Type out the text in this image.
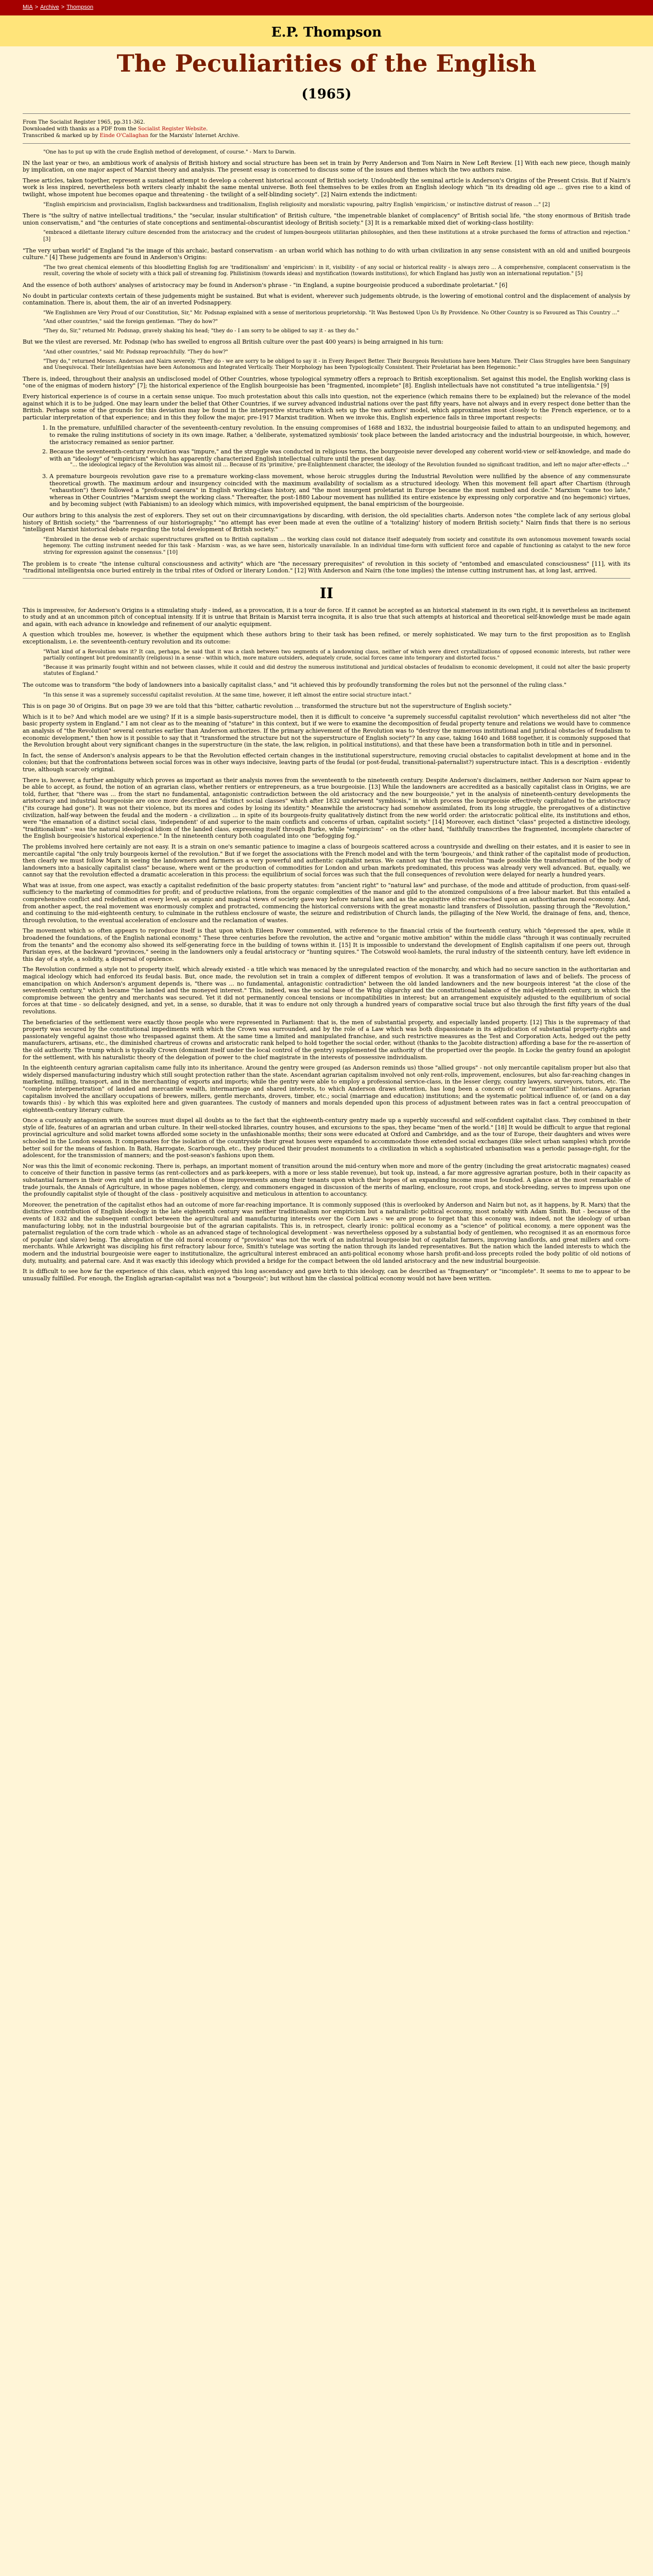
MIA > Archive > Thompson
E.P. Thompson
The Peculiarities of the English
(1965)
From The Socialist Register 1965, pp.311-362.
Downloaded with thanks as a PDF from the Socialist Register Website.
Transcribed & marked up by Einde O'Callaghan for the Marxists' Internet Archive.

"One has to put up with the crude English method of development, of course." - Marx to Darwin.

IN the last year or two, an ambitious work of analysis of British history and social structure has been set in train by Perry Anderson and Tom Nairn in New Left Review. [1] With each new piece, though mainly by implication, on one major aspect of Marxist theory and analysis. The present essay is concerned to discuss some of the issues and themes which the two authors raise.

These articles, taken together, represent a sustained attempt to develop a coherent historical account of British society. Undoubtedly the seminal article is Anderson's Origins of the Present Crisis. But if Nairn's work is less inspired, nevertheless both writers clearly inhabit the same mental universe. Both feel themselves to be exiles from an English ideology which "in its dreading old age ... gives rise to a kind of twilight, whose impotent hue becomes opaque and threatening - the twilight of a self-blinding society". [2] Nairn extends the indictment:

"English empiricism and provincialism, English backwardness and traditionalism, English religiosity and moralistic vapouring, paltry English 'empiricism,' or instinctive distrust of reason ..." [2]

There is "the sultry of native intellectual traditions," the "secular, insular stultification" of British culture, "the impenetrable blanket of complacency" of British social life, "the stony enormous of British trade union conservatism," and "the centuries of state conceptions and sentimental-obscurantist ideology of British society." [3] It is a remarkable mixed diet of working-class hostility:

"embraced a dilettante literary culture descended from the aristocracy and the crudest of lumpen-bourgeois utilitarian philosophies, and then these institutions at a stroke purchased the forms of attraction and rejection." [3]

"The very urban world" of England "is the image of this archaic, bastard conservatism - an urban world which has nothing to do with urban civilization in any sense consistent with an old and unified bourgeois culture." [4] These judgements are found in Anderson's Origins:

"The two great chemical elements of this bloodletting English fog are 'traditionalism' and 'empiricism': in it, visibility - of any social or historical reality - is always zero ... A comprehensive, complacent conservatism is the result, covering the whole of society with a thick pall of streaming fog. Philistinism (towards ideas) and mystification (towards institutions), for which England has justly won an international reputation." [5]

And the essence of both authors' analyses of aristocracy may be found in Anderson's phrase - "in England, a supine bourgeoisie produced a subordinate proletariat." [6]

No doubt in particular contexts certain of these judgements might be sustained. But what is evident, wherever such judgements obtrude, is the lowering of emotional control and the displacement of analysis by contamination. There is, about them, the air of an inverted Podsnappery.

"We Englishmen are Very Proud of our Constitution, Sir," Mr. Podsnap explained with a sense of meritorious proprietorship. "It Was Bestowed Upon Us By Providence. No Other Country is so Favoured as This Country ..."

"And other countries," said the foreign gentleman. "They do how?"

"They do, Sir," returned Mr. Podsnap, gravely shaking his head; "they do - I am sorry to be obliged to say it - as they do."

But we the vilest are reversed. Mr. Podsnap (who has swelled to engross all British culture over the past 400 years) is being arraigned in his turn:

"And other countries," said Mr. Podsnap reproachfully. "They do how?"

"They do," returned Messrs. Anderson and Nairn severely. "They do - we are sorry to be obliged to say it - in Every Respect Better. Their Bourgeois Revolutions have been Mature. Their Class Struggles have been Sanguinary and Unequivocal. Their Intelligentsias have been Autonomous and Integrated Vertically. Their Morphology has been Typologically Consistent. Their Proletariat has been Hegemonic."

There is, indeed, throughout their analysis an undisclosed model of Other Countries, whose typological symmetry offers a reproach to British exceptionalism. Set against this model, the English working class is "one of the enigmas of modern history" [7]; the historical experience of the English bourgeoisie has been "fragmented, incomplete" [8]. English intellectuals have not constituted "a true intelligentsia." [9]

Every historical experience is of course in a certain sense unique. Too much protestation about this calls into question, not the experience (which remains there to be explained) but the relevance of the model against which it is to be judged. One may learn under the belief that Other Countries, if we survey advanced industrial nations over the past fifty years, have not always and in every respect done better than the British. Perhaps some of the grounds for this deviation may be found in the interpretive structure which sets up the two authors' model, which approximates most closely to the French experience, or to a particular interpretation of that experience; and in this they follow the major, pre-1917 Marxist tradition. When we invoke this, English experience fails in three important respects:

1. In the premature, unfulfilled character of the seventeenth-century revolution. In the ensuing compromises of 1688 and 1832, the industrial bourgeoisie failed to attain to an undisputed hegemony, and to remake the ruling institutions of society in its own image. Rather, a 'deliberate, systematized symbiosis' took place between the landed aristocracy and the industrial bourgeoisie, in which, however, the aristocracy remained as senior partner.
2. Because the seventeenth-century revolution was "impure," and the struggle was conducted in religious terms, the bourgeoisie never developed any coherent world-view or self-knowledge, and made do with an "ideology" of "empiricism" which has apparently characterized English intellectual culture until the present day.

"... the ideological legacy of the Revolution was almost nil ... Because of its 'primitive,' pre-Enlightenment character, the ideology of the Revolution founded no significant tradition, and left no major after-effects ..."

3. A premature bourgeois revolution gave rise to a premature working-class movement, whose heroic struggles during the Industrial Revolution were nullified by the absence of any commensurate theoretical growth. The maximum ardour and insurgency coincided with the maximum availability of socialism as a structured ideology. When this movement fell apart after Chartism (through "exhaustion") there followed a "profound caesura" in English working-class history, and "the most insurgent proletariat in Europe became the most numbed and docile." Marxism "came too late," whereas in Other Countries "Marxism swept the working class." Thereafter, the post-1880 Labour movement has nullified its entire existence by expressing only corporative and (no hegemonic) virtues, and by becoming subject (with Fabianism) to an ideology which mimics, with impoverished equipment, the banal empiricism of the bourgeoisie.

Our authors bring to this analysis the zest of explorers. They set out on their circumnavigations by discarding, with derision, the old specialities charts. Anderson notes "the complete lack of any serious global history of British society," the "barrenness of our historiography," "no attempt has ever been made at even the outline of a 'totalizing' history of modern British society." Nairn finds that there is no serious "intelligent Marxist historical debate regarding the total development of British society."

"Embroiled in the dense web of archaic superstructures grafted on to British capitalism ... the working class could not distance itself adequately from society and constitute its own autonomous movement towards social hegemony. The cutting instrument needed for this task - Marxism - was, as we have seen, historically unavailable. In an individual time-form with sufficient force and capable of functioning as catalyst to the new force striving for expression against the consensus." [10]

The problem is to create "the intense cultural consciousness and activity" which are "the necessary prerequisites" of revolution in this society of "entombed and emasculated consciousness" [11], with its "traditional intelligentsia once buried entirely in the tribal rites of Oxford or literary London." [12] With Anderson and Nairn (the tone implies) the intense cutting instrument has, at long last, arrived.

II

This is impressive, for Anderson's Origins is a stimulating study - indeed, as a provocation, it is a tour de force. If it cannot be accepted as an historical statement in its own right, it is nevertheless an incitement to study and at an uncommon pitch of conceptual intensity. If it is untrue that Britain is Marxist terra incognita, it is also true that such attempts at historical and theoretical self-knowledge must be made again and again, with each advance in knowledge and refinement of our analytic equipment.

A question which troubles me, however, is whether the equipment which these authors bring to their task has been refined, or merely sophisticated. We may turn to the first proposition as to English exceptionalism, i.e. the seventeenth-century revolution and its outcome:

"What kind of a Revolution was it? It can, perhaps, be said that it was a clash between two segments of a landowning class, neither of which were direct crystallizations of opposed economic interests, but rather were partially contingent but predominantly (religious) in a sense - within which, more mature outsiders, adequately crude, social forces came into temporary and distorted focus."

"Because it was primarily fought within and not between classes, while it could and did destroy the numerous institutional and juridical obstacles of feudalism to economic development, it could not alter the basic property statutes of England."

The outcome was to transform "the body of landowners into a basically capitalist class," and "it achieved this by profoundly transforming the roles but not the personnel of the ruling class."

"In this sense it was a supremely successful capitalist revolution. At the same time, however, it left almost the entire social structure intact."

This is on page 30 of Origins. But on page 39 we are told that this "bitter, cathartic revolution ... transformed the structure but not the superstructure of English society."

Which is it to be? And which model are we using? If it is a simple basis-superstructure model, then it is difficult to conceive "a supremely successful capitalist revolution" which nevertheless did not alter "the basic property system in England." I am not clear as to the meaning of "stature" in this context, but if we were to examine the decomposition of feudal property tenure and relations we would have to commence an analysis of "the Revolution" several centuries earlier than Anderson authorizes. If the primary achievement of the Revolution was to "destroy the numerous institutional and juridical obstacles of feudalism to economic development," then how is it possible to say that it "transformed the structure but not the superstructure of English society"? In any case, taking 1640 and 1688 together, it is commonly supposed that the Revolution brought about very significant changes in the superstructure (in the state, the law, religion, in political institutions), and that these have been a transformation both in title and in personnel.

In fact, the sense of Anderson's analysis appears to be that the Revolution effected certain changes in the institutional superstructure, removing crucial obstacles to capitalist development at home and in the colonies; but that the confrontations between social forces was in other ways indecisive, leaving parts of the feudal (or post-feudal, transitional-paternalist?) superstructure intact. This is a description - evidently true, although scarcely original.

There is, however, a further ambiguity which proves as important as their analysis moves from the seventeenth to the nineteenth century. Despite Anderson's disclaimers, neither Anderson nor Nairn appear to be able to accept, as found, the notion of an agrarian class, whether rentiers or entrepreneurs, as a true bourgeoisie. [13] While the landowners are accredited as a basically capitalist class in Origins, we are told, further, that "there was ... from the start no fundamental, antagonistic contradiction between the old aristocracy and the new bourgeoisie," yet in the analysis of nineteenth-century developments the aristocracy and industrial bourgeoisie are once more described as "distinct social classes" which after 1832 underwent "symbiosis," in which process the bourgeoisie effectively capitulated to the aristocracy ("its courage had gone"). It was not their violence, but its mores and codes by losing its identity." Meanwhile the aristocracy had somehow assimilated, from its long struggle, the prerogatives of a distinctive civilization, half-way between the feudal and the modern - a civilization ... in spite of its bourgeois-fruity qualitatively distinct from the new world order: the aristocratic political elite, its institutions and ethos, were "the emanation of a distinct social class, 'independent' of and superior to the main conflicts and concerns of urban, capitalist society." [14] Moreover, each distinct "class" projected a distinctive ideology, "traditionalism" - was the natural ideological idiom of the landed class, expressing itself through Burke, while "empiricism" - on the other hand, "faithfully transcribes the fragmented, incomplete character of the English bourgeoisie's historical experience." In the nineteenth century both coagulated into one "befogging fog."

The problems involved here certainly are not easy. It is a strain on one's semantic patience to imagine a class of bourgeois scattered across a countryside and dwelling on their estates, and it is easier to see in mercantile capital "the only truly bourgeois kernel of the revolution." But if we forget the associations with the French model and with the term 'bourgeois,' and think rather of the capitalist mode of production, then clearly we must follow Marx in seeing the landowners and farmers as a very powerful and authentic capitalist nexus. We cannot say that the revolution "made possible the transformation of the body of landowners into a basically capitalist class" because, where went or the production of commodities for London and urban markets predominated, this process was already very well advanced. But, equally, we cannot say that the revolution effected a dramatic acceleration in this process: the equilibrium of social forces was such that the full consequences of revolution were delayed for nearly a hundred years.

What was at issue, from one aspect, was exactly a capitalist redefinition of the basic property statutes: from "ancient right" to "natural law" and purchase, of the mode and attitude of production, from quasi-self-sufficiency to the marketing of commodities for profit; and of productive relations, from the organic complexities of the manor and gild to the atomized compulsions of a free labour market. But this entailed a comprehensive conflict and redefinition at every level, as organic and magical views of society gave way before natural law, and as the acquisitive ethic encroached upon an authoritarian moral economy. And, from another aspect, the real movement was enormously complex and protracted, commencing the historical conversions with the great monastic land transfers of Dissolution, passing through the "Revolution," and continuing to the mid-eighteenth century, to culminate in the ruthless enclosure of waste, the seizure and redistribution of Church lands, the pillaging of the New World, the drainage of fens, and, thence, through revolution, to the eventual acceleration of enclosure and the reclamation of wastes.

The movement which so often appears to reproduce itself is that upon which Eileen Power commented, with reference to the financial crisis of the fourteenth century, which "depressed the apex, while it broadened the foundations, of the English national economy." These three centuries before the revolution, the active and "organic motive ambition" within the middle class "through it was continually recruited from the tenants" and the economy also showed its self-generating force in the building of towns within it. [15] It is impossible to understand the development of English capitalism if one peers out, through Parisian eyes, at the backward "provinces," seeing in the landowners only a feudal aristocracy or "hunting squires." The Cotswold wool-hamlets, the rural industry of the sixteenth century, have left evidence in this day of a style, a solidity, a dispersal of opulence.

The Revolution confirmed a style not to property itself, which already existed - a title which was menaced by the unregulated reaction of the monarchy, and which had no secure sanction in the authoritarian and magical ideology which had enforced its feudal basis. But, once made, the revolution set in train a complex of different tempos of evolution. It was a transformation of laws and of beliefs. The process of emancipation on which Anderson's argument depends is, "there was ... no fundamental, antagonistic contradiction" between the old landed landowners and the new bourgeois interest "at the close of the seventeenth century," which became "the landed and the moneyed interest." This, indeed, was the social base of the Whig oligarchy and the constitutional balance of the mid-eighteenth century, in which the compromise between the gentry and merchants was secured. Yet it did not permanently conceal tensions or incompatibilities in interest; but an arrangement exquisitely adjusted to the equilibrium of social forces at that time - so delicately designed, and yet, in a sense, so durable, that it was to endure not only through a hundred years of comparative social truce but also through the first fifty years of the dual revolutions.

The beneficiaries of the settlement were exactly those people who were represented in Parliament: that is, the men of substantial property, and especially landed property. [12] This is the supremacy of that property was secured by the constitutional impediments with which the Crown was surrounded, and by the role of a Law which was both dispassionate in its adjudication of substantial property-rights and passionately vengeful against those who trespassed against them. At the same time a limited and manipulated franchise, and such restrictive measures as the Test and Corporation Acts, hedged out the petty manufacturers, artisans, etc., the diminished chartreus of crowns and aristocratic rank helped to hold together the social order, without (thanks to the Jacobite distraction) affording a base for the re-assertion of the old authority. The trump which is typically Crown (dominant itself under the local control of the gentry) supplemented the authority of the propertied over the people. In Locke the gentry found an apologist for the settlement, with his naturalistic theory of the delegation of power to the chief magistrate in the interests of possessive individualism.

In the eighteenth century agrarian capitalism came fully into its inheritance. Around the gentry were grouped (as Anderson reminds us) those "allied groups" - not only mercantile capitalism proper but also that widely dispersed manufacturing industry which still sought protection rather than the state. Ascendant agrarian capitalism involved not only rent-rolls, improvement, enclosures, but also far-reaching changes in marketing, milling, transport, and in the merchanting of exports and imports; while the gentry were able to employ a professional service-class, in the lesser clergy, country lawyers, surveyors, tutors, etc. The "complete interpenetration" of landed and mercantile wealth, intermarriage and shared interests, to which Anderson draws attention, has long been a concern of our "mercantilist" historians. Agrarian capitalism involved the ancillary occupations of brewers, millers, gentle merchants, drovers, timber, etc.; social (marriage and education) institutions; and the systematic political influence of, or (and on a day towards this) - by which this was exploited here and given guarantees. The custody of manners and morals depended upon this process of adjustment between rates was in fact a central preoccupation of eighteenth-century literary culture.

Once a curiously antagonism with the sources must dispel all doubts as to the fact that the eighteenth-century gentry made up a superbly successful and self-confident capitalist class. They combined in their style of life, features of an agrarian and urban culture. In their well-stocked libraries, country houses, and excursions to the spas, they became "men of the world." [18] It would be difficult to argue that regional provincial agriculture and solid market towns afforded some society in the unfashionable months; their sons were educated at Oxford and Cambridge, and as the tour of Europe, their daughters and wives were schooled in the London season. It compensates for the isolation of the countryside their great houses were expanded to accommodate those extended social exchanges (like select urban samples) which provide better soil for the means of fashion. In Bath, Harrogate, Scarborough, etc., they produced their proudest monuments to a civilization in which a sophisticated urbanisation was a periodic passage-right, for the adolescent, for the transmission of manners; and the post-season's fashions upon them.

Nor was this the limit of economic reckoning. There is, perhaps, an important moment of transition around the mid-century when more and more of the gentry (including the great aristocratic magnates) ceased to conceive of their function in passive terms (as rent-collectors and as park-keepers, with a more or less stable revenue), but took up, instead, a far more aggressive agrarian posture, both in their capacity as substantial farmers in their own right and in the stimulation of those improvements among their tenants upon which their hopes of an expanding income must be founded. A glance at the most remarkable of trade journals, the Annals of Agriculture, in whose pages noblemen, clergy, and commoners engaged in discussion of the merits of marling, enclosure, root crops, and stock-breeding, serves to impress upon one the profoundly capitalist style of thought of the class - positively acquisitive and meticulous in attention to accountancy.

Moreover, the penetration of the capitalist ethos had an outcome of more far-reaching importance. It is commonly supposed (this is overlooked by Anderson and Nairn but not, as it happens, by R. Marx) that the distinctive contribution of English ideology in the late eighteenth century was neither traditionalism nor empiricism but a naturalistic political economy, most notably with Adam Smith. But - because of the events of 1832 and the subsequent conflict between the agricultural and manufacturing interests over the Corn Laws - we are prone to forget that this economy was, indeed, not the ideology of urban manufacturing lobby, not in the industrial bourgeoisie but of the agrarian capitalists. This is, in retrospect, clearly ironic: political economy as a "science" of political economy, a mere opponent was the paternalist regulation of the corn trade which - whole as an advanced stage of technological development - was nevertheless opposed by a substantial body of gentlemen, who recognised it as an enormous force of popular (and slave) being. The abrogation of the old moral economy of "provision" was not the work of an industrial bourgeoisie but of capitalist farmers, improving landlords, and great millers and corn-merchants. While Arkwright was discipling his first refractory labour force, Smith's tutelage was sorting the nation through its landed representatives. But the nation which the landed interests to which the modern and the industrial bourgeoisie were eager to institutionalize, the agricultural interest embraced an anti-political economy whose harsh profit-and-loss precepts roiled the body politic of old notions of duty, mutuality, and paternal care. And it was exactly this ideology which provided a bridge for the compact between the old landed aristocracy and the new industrial bourgeoisie.

It is difficult to see how far the experience of this class, which enjoyed this long ascendancy and gave birth to this ideology, can be described as "fragmentary" or "incomplete". It seems to me to appear to be unusually fulfilled. For enough, the English agrarian-capitalist was not a "bourgeois"; but without him the classical political economy would not have been written.
